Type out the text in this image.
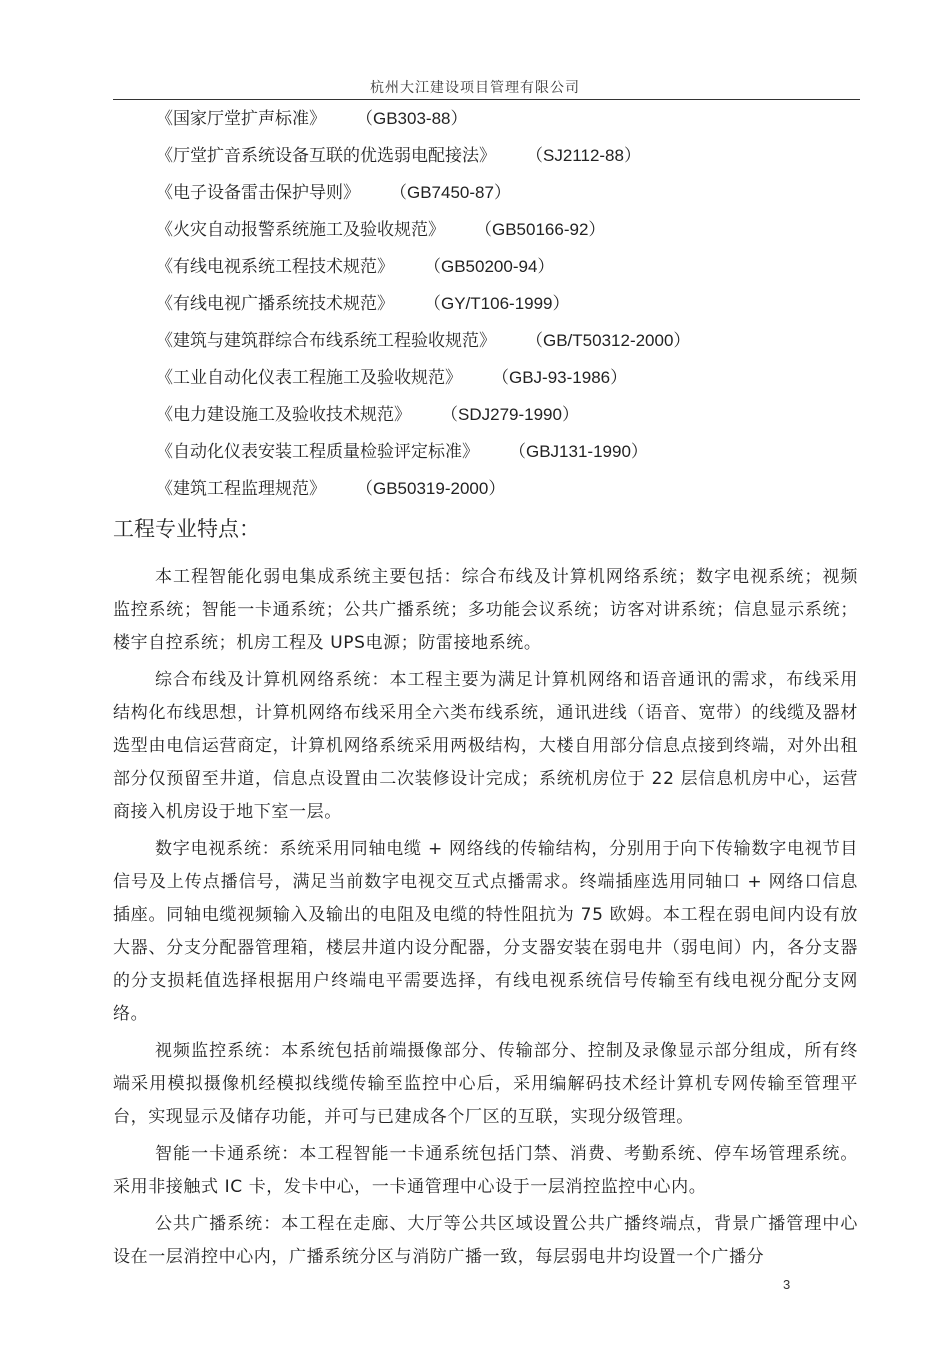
杭州大江建设项目管理有限公司
《国家厅堂扩声标准》 （GB303-88）
《厅堂扩音系统设备互联的优选弱电配接法》 （SJ2112-88）
《电子设备雷击保护导则》 （GB7450-87）
《火灾自动报警系统施工及验收规范》 （GB50166-92）
《有线电视系统工程技术规范》 （GB50200-94）
《有线电视广播系统技术规范》 （GY/T106-1999）
《建筑与建筑群综合布线系统工程验收规范》 （GB/T50312-2000）
《工业自动化仪表工程施工及验收规范》 （GBJ-93-1986）
《电力建设施工及验收技术规范》 （SDJ279-1990）
《自动化仪表安装工程质量检验评定标准》 （GBJ131-1990）
《建筑工程监理规范》 （GB50319-2000）
工程专业特点：

本工程智能化弱电集成系统主要包括：综合布线及计算机网络系统；数字电视系统；视频监控系统；智能一卡通系统；公共广播系统；多功能会议系统；访客对讲系统；信息显示系统；楼宇自控系统；机房工程及 UPS电源；防雷接地系统。

综合布线及计算机网络系统：本工程主要为满足计算机网络和语音通讯的需求，布线采用结构化布线思想，计算机网络布线采用全六类布线系统，通讯进线（语音、宽带）的线缆及器材选型由电信运营商定，计算机网络系统采用两极结构，大楼自用部分信息点接到终端，对外出租部分仅预留至井道，信息点设置由二次装修设计完成；系统机房位于 22 层信息机房中心，运营商接入机房设于地下室一层。

数字电视系统：系统采用同轴电缆 + 网络线的传输结构，分别用于向下传输数字电视节目信号及上传点播信号，满足当前数字电视交互式点播需求。终端插座选用同轴口 + 网络口信息插座。同轴电缆视频输入及输出的电阻及电缆的特性阻抗为 75 欧姆。本工程在弱电间内设有放大器、分支分配器管理箱，楼层井道内设分配器，分支器安装在弱电井（弱电间）内，各分支器的分支损耗值选择根据用户终端电平需要选择，有线电视系统信号传输至有线电视分配分支网络。

视频监控系统：本系统包括前端摄像部分、传输部分、控制及录像显示部分组成，所有终端采用模拟摄像机经模拟线缆传输至监控中心后，采用编解码技术经计算机专网传输至管理平台，实现显示及储存功能，并可与已建成各个厂区的互联，实现分级管理。

智能一卡通系统：本工程智能一卡通系统包括门禁、消费、考勤系统、停车场管理系统。采用非接触式 IC 卡，发卡中心，一卡通管理中心设于一层消控监控中心内。

公共广播系统：本工程在走廊、大厅等公共区域设置公共广播终端点，背景广播管理中心设在一层消控中心内，广播系统分区与消防广播一致，每层弱电井均设置一个广播分

3
